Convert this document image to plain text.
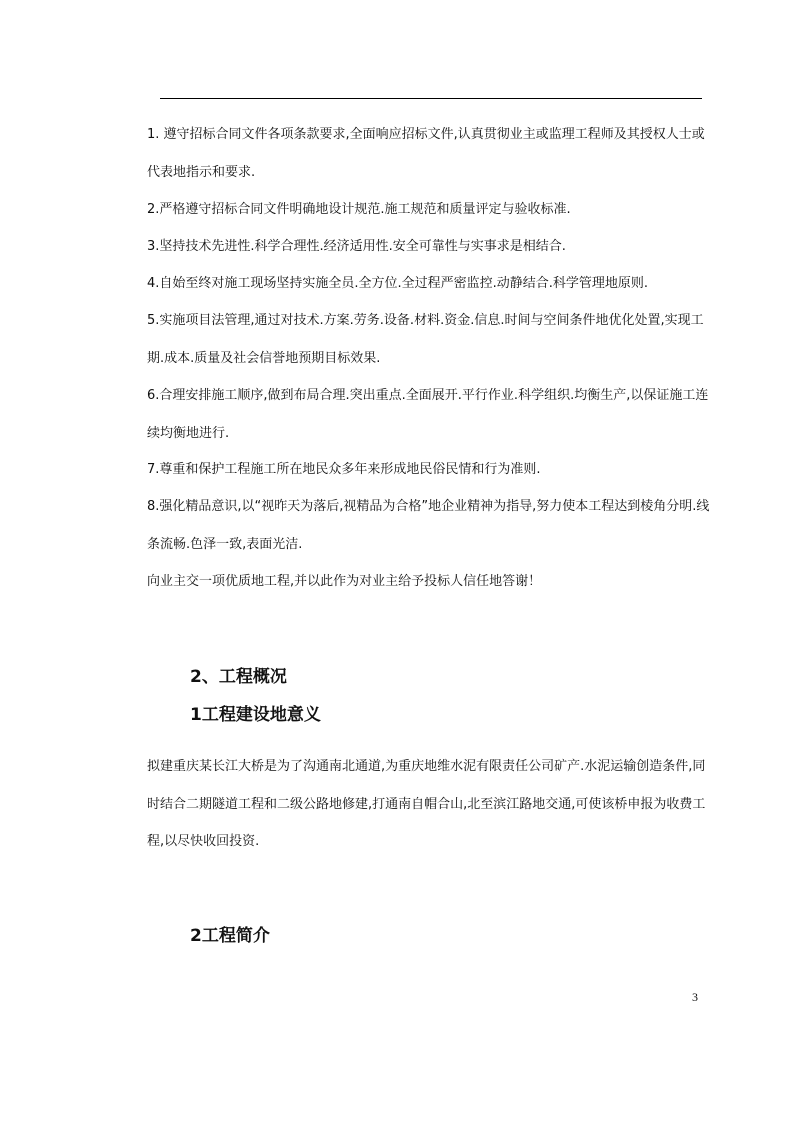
1. 遵守招标合同文件各项条款要求,全面响应招标文件,认真贯彻业主或监理工程师及其授权人士或代表地指示和要求.

2.严格遵守招标合同文件明确地设计规范.施工规范和质量评定与验收标准.

3.坚持技术先进性.科学合理性.经济适用性.安全可靠性与实事求是相结合.

4.自始至终对施工现场坚持实施全员.全方位.全过程严密监控.动静结合.科学管理地原则.

5.实施项目法管理,通过对技术.方案.劳务.设备.材料.资金.信息.时间与空间条件地优化处置,实现工期.成本.质量及社会信誉地预期目标效果.

6.合理安排施工顺序,做到布局合理.突出重点.全面展开.平行作业.科学组织.均衡生产,以保证施工连续均衡地进行.

7.尊重和保护工程施工所在地民众多年来形成地民俗民情和行为准则.

8.强化精品意识,以“视昨天为落后,视精品为合格”地企业精神为指导,努力使本工程达到棱角分明.线条流畅.色泽一致,表面光洁.

向业主交一项优质地工程,并以此作为对业主给予投标人信任地答谢！

2、工程概况
1工程建设地意义

拟建重庆某长江大桥是为了沟通南北通道,为重庆地维水泥有限责任公司矿产.水泥运输创造条件,同时结合二期隧道工程和二级公路地修建,打通南自帽合山,北至滨江路地交通,可使该桥申报为收费工程,以尽快收回投资.

2工程简介
3
